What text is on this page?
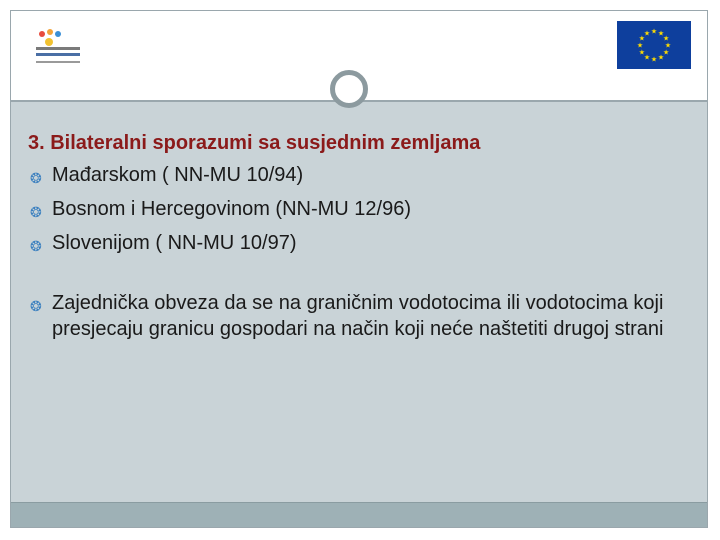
★ ★
★
★
★
★
★
★
★
★
★
★

3. Bilateralni sporazumi sa susjednim zemljama

❂ Mađarskom ( NN-MU 10/94)
❂ Bosnom i Hercegovinom (NN-MU 12/96)
❂ Slovenijom ( NN-MU 10/97)
❂ Zajednička obveza da se na graničnim vodotocima ili vodotocima koji presjecaju granicu gospodari na način koji neće naštetiti drugoj strani
